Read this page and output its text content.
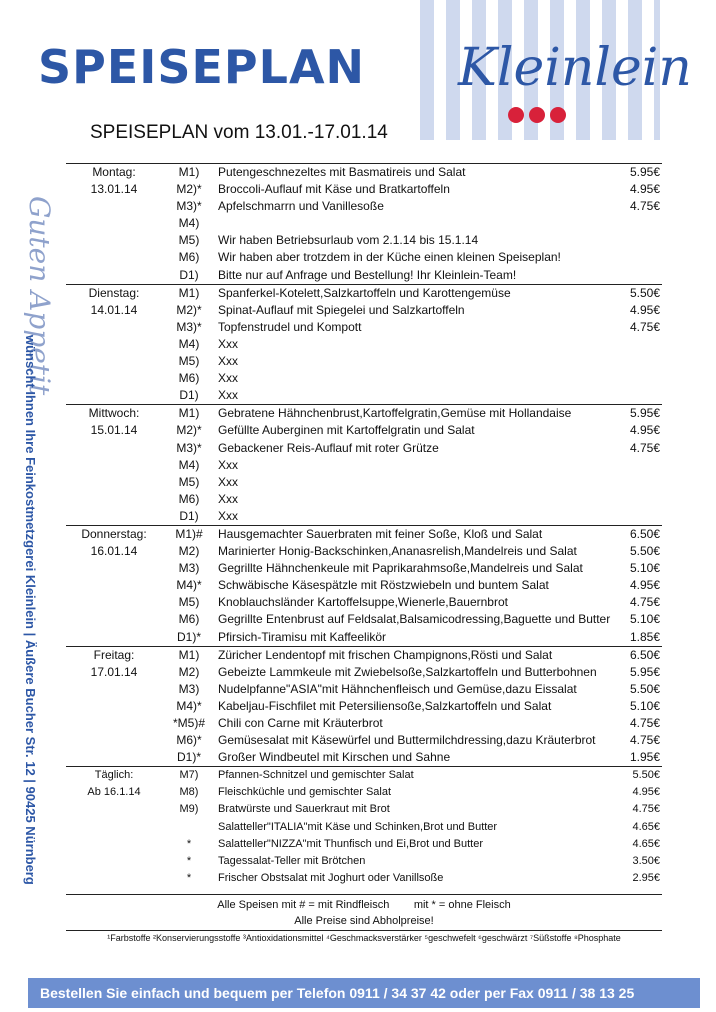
SPEISEPLAN Kleinlein
SPEISEPLAN vom 13.01.-17.01.14
Guten Appetit
wünscht Ihnen Ihre Feinkostmetzgerei Kleinlein | Äußere Bucher Str. 12 | 90425 Nürnberg
Montag:	M1)	Putengeschnezeltes mit Basmatireis und Salat	5.95€
13.01.14	M2)*	Broccoli-Auflauf mit Käse und Bratkartoffeln	4.95€
	M3)*	Apfelschmarrn und Vanillesoße	4.75€
	M4)		
	M5)	Wir haben Betriebsurlaub vom 2.1.14 bis 15.1.14	
	M6)	Wir haben aber trotzdem in der Küche einen kleinen Speiseplan!	
	D1)	Bitte nur auf Anfrage und Bestellung! Ihr Kleinlein-Team!	
Dienstag:	M1)	Spanferkel-Kotelett,Salzkartoffeln und Karottengemüse	5.50€
14.01.14	M2)*	Spinat-Auflauf mit Spiegelei und Salzkartoffeln	4.95€
	M3)*	Topfenstrudel und Kompott	4.75€
	M4)	Xxx	
	M5)	Xxx	
	M6)	Xxx	
	D1)	Xxx	
Mittwoch:	M1)	Gebratene Hähnchenbrust,Kartoffelgratin,Gemüse mit Hollandaise	5.95€
15.01.14	M2)*	Gefüllte Auberginen mit Kartoffelgratin und Salat	4.95€
	M3)*	Gebackener Reis-Auflauf mit roter Grütze	4.75€
	M4)	Xxx	
	M5)	Xxx	
	M6)	Xxx	
	D1)	Xxx	
Donnerstag:	M1)#	Hausgemachter Sauerbraten mit feiner Soße, Kloß und Salat	6.50€
16.01.14	M2)	Marinierter Honig-Backschinken,Ananasrelish,Mandelreis und Salat	5.50€
	M3)	Gegrillte Hähnchenkeule mit Paprikarahmsoße,Mandelreis und Salat	5.10€
	M4)*	Schwäbische Käsespätzle mit Röstzwiebeln und buntem Salat	4.95€
	M5)	Knoblauchsländer Kartoffelsuppe,Wienerle,Bauernbrot	4.75€
	M6)	Gegrillte Entenbrust auf Feldsalat,Balsamicodressing,Baguette und Butter	5.10€
	D1)*	Pfirsich-Tiramisu mit Kaffeelikör	1.85€
Freitag:	M1)	Züricher Lendentopf mit frischen Champignons,Rösti und Salat	6.50€
17.01.14	M2)	Gebeizte Lammkeule mit Zwiebelsoße,Salzkartoffeln und Butterbohnen	5.95€
	M3)	Nudelpfanne"ASIA"mit Hähnchenfleisch und Gemüse,dazu Eissalat	5.50€
	M4)*	Kabeljau-Fischfilet mit Petersiliensoße,Salzkartoffeln und Salat	5.10€
	*M5)#	Chili con Carne mit Kräuterbrot	4.75€
	M6)*	Gemüsesalat mit Käsewürfel und Buttermilchdressing,dazu Kräuterbrot	4.75€
	D1)*	Großer Windbeutel mit Kirschen und Sahne	1.95€
Täglich:	M7)	Pfannen-Schnitzel und gemischter Salat	5.50€
Ab 16.1.14	M8)	Fleischküchle und gemischter Salat	4.95€
	M9)	Bratwürste und Sauerkraut mit Brot	4.75€
		Salatteller"ITALIA"mit Käse und Schinken,Brot und Butter	4.65€
	*	Salatteller"NIZZA"mit Thunfisch und Ei,Brot und Butter	4.65€
	*	Tagessalat-Teller mit Brötchen	3.50€
	*	Frischer Obstsalat mit Joghurt oder Vanillsoße	2.95€
Alle Speisen mit # = mit Rindfleisch        mit * = ohne Fleisch
Alle Preise sind Abholpreise!
¹Farbstoffe ²Konservierungsstoffe ³Antioxidationsmittel ⁴Geschmacksverstärker ⁵geschwefelt ⁶geschwärzt ⁷Süßstoffe ⁸Phosphate
Bestellen Sie einfach und bequem per Telefon 0911 / 34 37 42 oder per Fax 0911 / 38 13 25
